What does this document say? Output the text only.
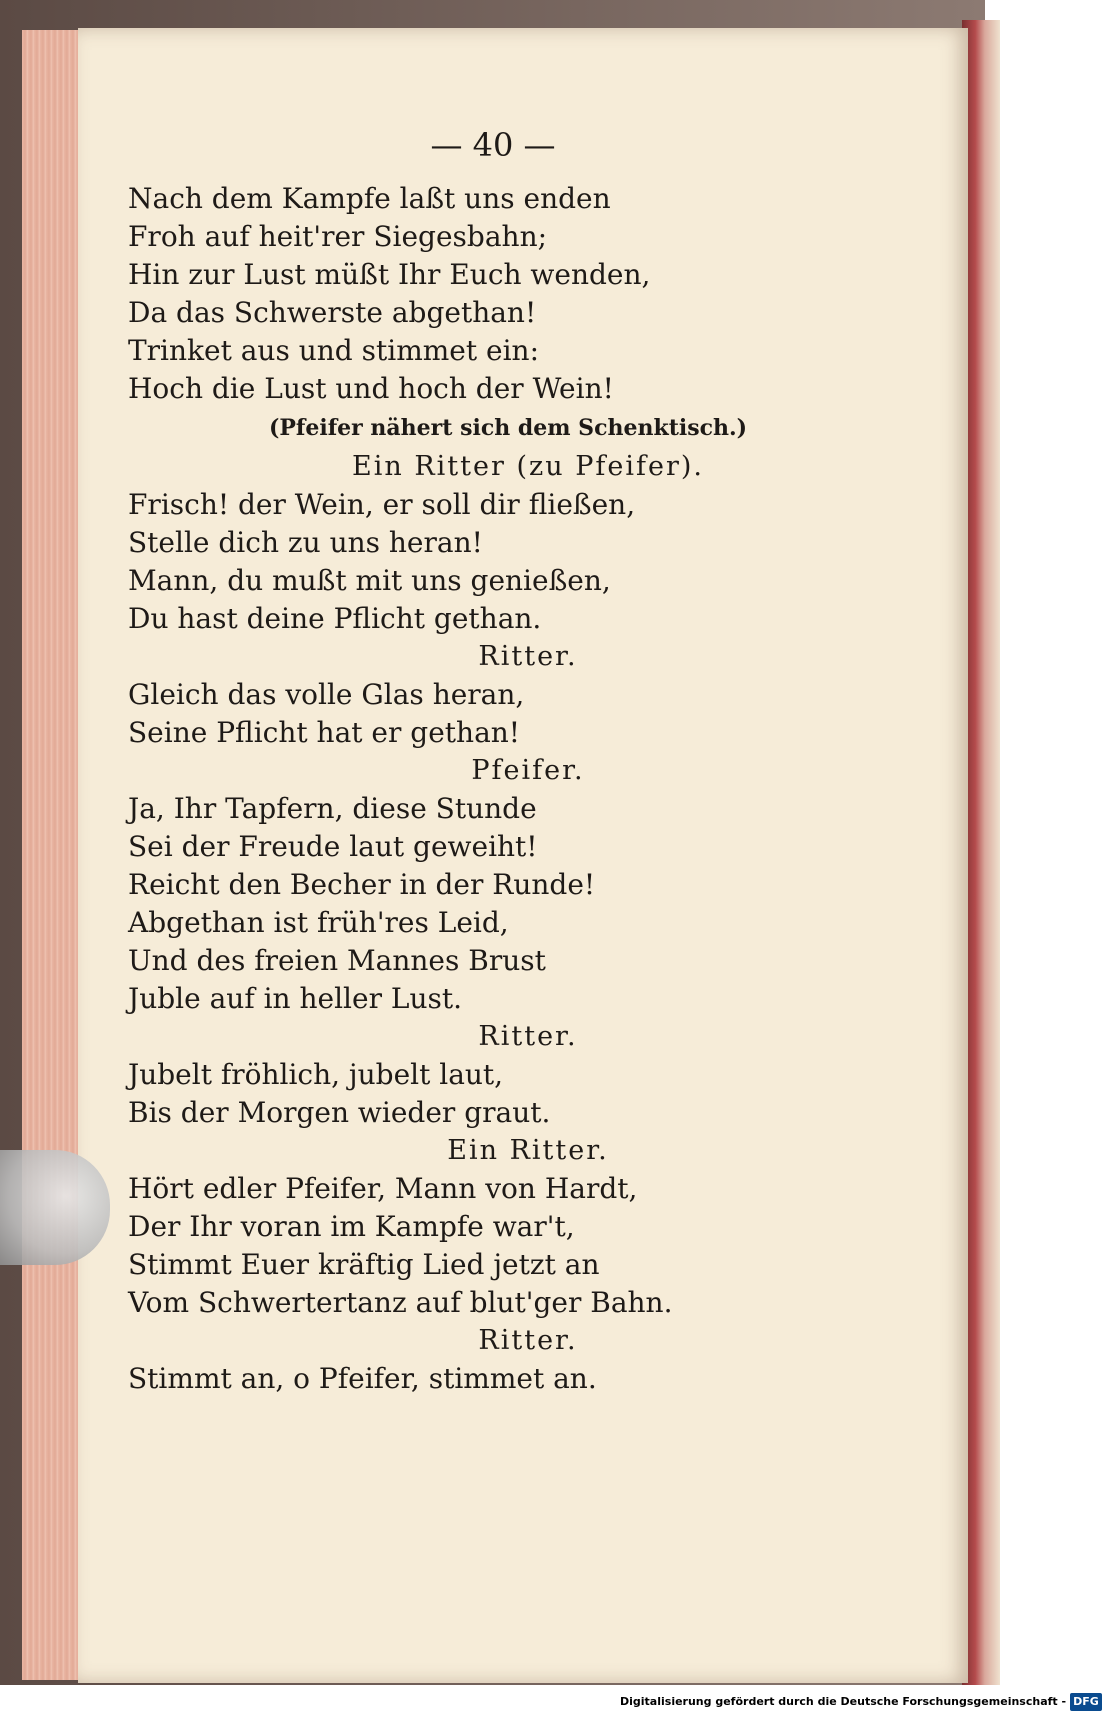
— 40 —
Nach dem Kampfe laßt uns enden
Froh auf heit'rer Siegesbahn;
Hin zur Lust müßt Ihr Euch wenden,
Da das Schwerste abgethan!
Trinket aus und stimmet ein:
Hoch die Lust und hoch der Wein!
(Pfeifer nähert sich dem Schenktisch.)
Ein Ritter (zu Pfeifer).
Frisch! der Wein, er soll dir fließen,
Stelle dich zu uns heran!
Mann, du mußt mit uns genießen,
Du hast deine Pflicht gethan.
Ritter.
Gleich das volle Glas heran,
Seine Pflicht hat er gethan!
Pfeifer.
Ja, Ihr Tapfern, diese Stunde
Sei der Freude laut geweiht!
Reicht den Becher in der Runde!
Abgethan ist früh'res Leid,
Und des freien Mannes Brust
Juble auf in heller Lust.
Ritter.
Jubelt fröhlich, jubelt laut,
Bis der Morgen wieder graut.
Ein Ritter.
Hört edler Pfeifer, Mann von Hardt,
Der Ihr voran im Kampfe war't,
Stimmt Euer kräftig Lied jetzt an
Vom Schwertertanz auf blut'ger Bahn.
Ritter.
Stimmt an, o Pfeifer, stimmet an.
Digitalisierung gefördert durch die Deutsche Forschungsgemeinschaft - DFG
